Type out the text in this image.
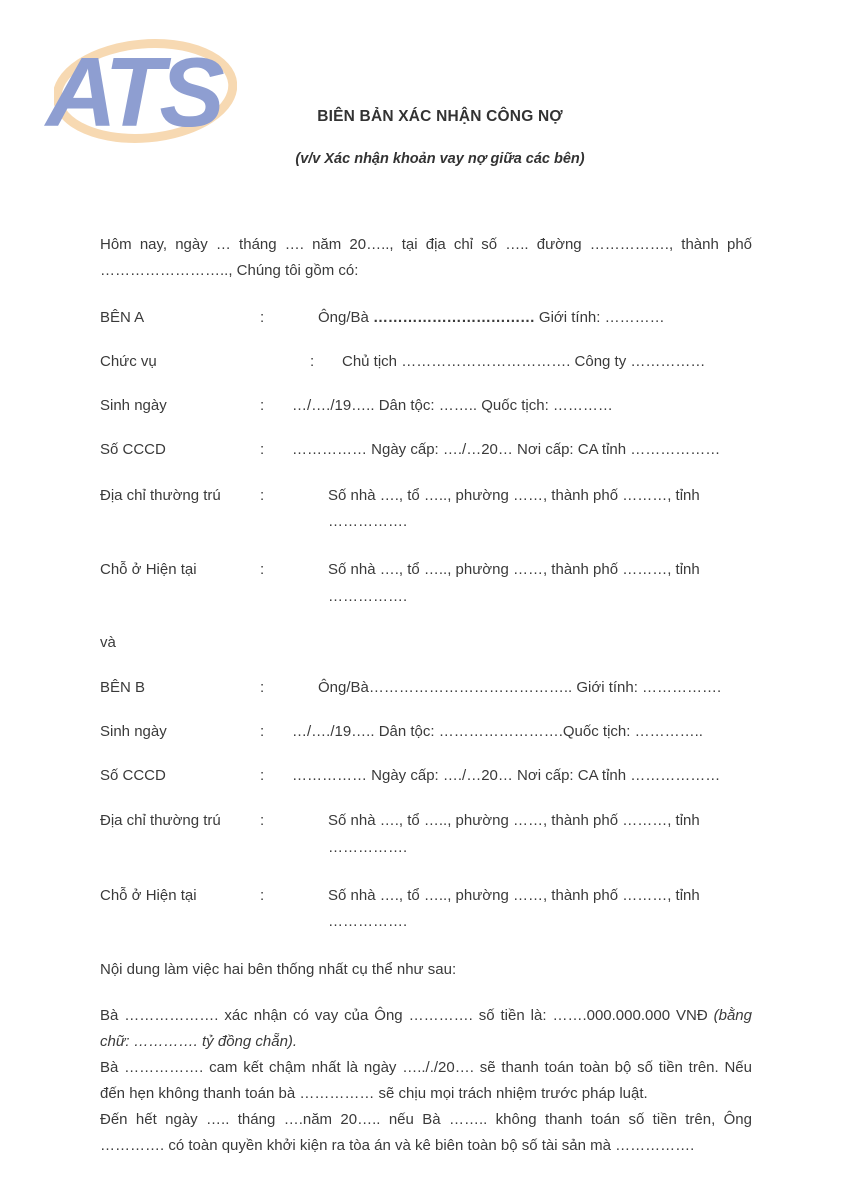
ATS	BIÊN BẢN XÁC NHẬN CÔNG NỢ
(v/v Xác nhận khoản vay nợ giữa các bên)

Hôm nay, ngày … tháng …. năm 20….., tại địa chỉ số ….. đường ……………., thành phố …………………….., Chúng tôi gồm có:

BÊN A	:	Ông/Bà …………………………… Giới tính: …………
Chức vụ	:	Chủ tịch ……………………………. Công ty ……………
Sinh ngày	:	…/…./19….. Dân tộc: …….. Quốc tịch: …………
Số CCCD	:	…………… Ngày cấp: …./…20… Nơi cấp: CA tỉnh ………………
Địa chỉ thường trú	:	Số nhà …., tổ ….., phường ……, thành phố ………, tỉnh …………….
Chỗ ở Hiện tại	:	Số nhà …., tổ ….., phường ……, thành phố ………, tỉnh …………….
và
BÊN B	:	Ông/Bà………………………………….. Giới tính: …………….
Sinh ngày	:	…/…./19….. Dân tộc: …………………….Quốc tịch: …………..
Số CCCD	:	…………… Ngày cấp: …./…20… Nơi cấp: CA tỉnh ………………
Địa chỉ thường trú	:	Số nhà …., tổ ….., phường ……, thành phố ………, tỉnh …………….
Chỗ ở Hiện tại	:	Số nhà …., tổ ….., phường ……, thành phố ………, tỉnh …………….

Nội dung làm việc hai bên thống nhất cụ thể như sau:

Bà ………………. xác nhận có vay của Ông …………. số tiền là: …….000.000.000 VNĐ (bằng chữ: …………. tỷ đồng chẵn).

Bà ……………. cam kết chậm nhất là ngày ….././20…. sẽ thanh toán toàn bộ số tiền trên. Nếu đến hẹn không thanh toán bà …………… sẽ chịu mọi trách nhiệm trước pháp luật.

Đến hết ngày ….. tháng ….năm 20….. nếu Bà …….. không thanh toán số tiền trên, Ông …………. có toàn quyền khởi kiện ra tòa án và kê biên toàn bộ số tài sản mà …………….
